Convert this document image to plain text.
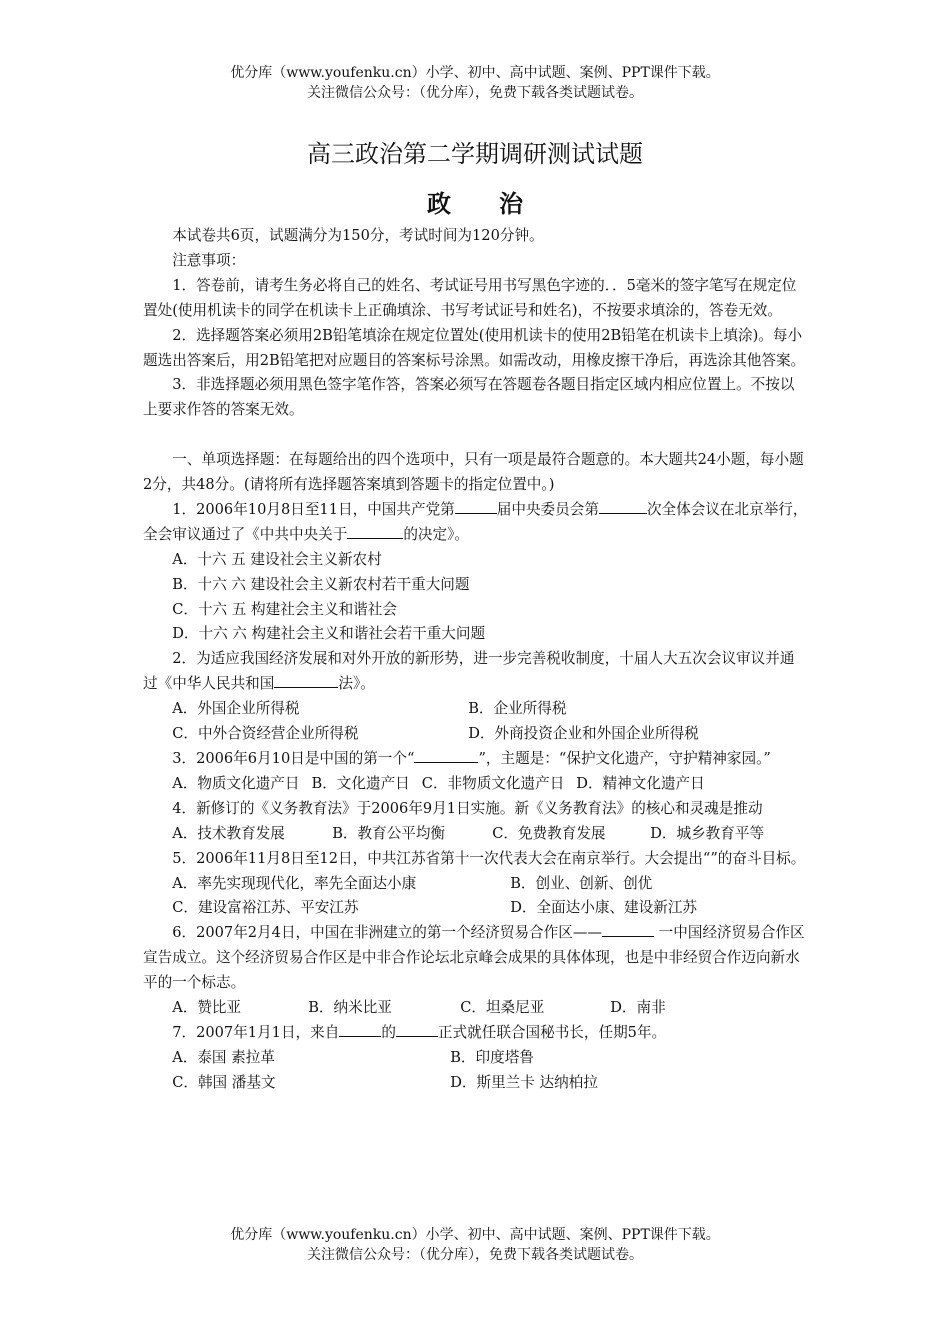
优分库（www.youfenku.cn）小学、初中、高中试题、案例、PPT课件下载。
关注微信公众号：（优分库），免费下载各类试题试卷。
高三政治第二学期调研测试试题
政治

本试卷共6页，试题满分为150分，考试时间为120分钟。

注意事项：

1．答卷前，请考生务必将自己的姓名、考试证号用书写黑色字迹的．．5毫米的签字笔写在规定位置处(使用机读卡的同学在机读卡上正确填涂、书写考试证号和姓名)，不按要求填涂的，答卷无效。

2．选择题答案必须用2B铅笔填涂在规定位置处(使用机读卡的使用2B铅笔在机读卡上填涂)。每小题选出答案后，用2B铅笔把对应题目的答案标号涂黑。如需改动，用橡皮擦干净后，再选涂其他答案。

3．非选择题必须用黑色签字笔作答，答案必须写在答题卷各题目指定区域内相应位置上。不按以上要求作答的答案无效。

一、单项选择题：在每题给出的四个选项中，只有一项是最符合题意的。本大题共24小题，每小题2分，共48分。(请将所有选择题答案填到答题卡的指定位置中。)

1．2006年10月8日至11日，中国共产党第	届中央委员会第	次全体会议在北京举行，全会审议通过了《中共中央关于	的决定》。

A．十六 五 建设社会主义新农村

B．十六 六 建设社会主义新农村若干重大问题

C．十六 五 构建社会主义和谐社会

D．十六 六 构建社会主义和谐社会若干重大问题

2．为适应我国经济发展和对外开放的新形势，进一步完善税收制度，十届人大五次会议审议并通过《中华人民共和国	法》。

A．外国企业所得税	B．企业所得税

C．中外合资经营企业所得税	D．外商投资企业和外国企业所得税

3．2006年6月10日是中国的第一个“	”，主题是：“保护文化遗产，守护精神家园。”

A．物质文化遗产日 B．文化遗产日 C．非物质文化遗产日 D．精神文化遗产日

4．新修订的《义务教育法》于2006年9月1日实施。新《义务教育法》的核心和灵魂是推动

A．技术教育发展	B．教育公平均衡	C．免费教育发展	D．城乡教育平等

5．2006年11月8日至12日，中共江苏省第十一次代表大会在南京举行。大会提出“”的奋斗目标。

A．率先实现现代化，率先全面达小康	B．创业、创新、创优

C．建设富裕江苏、平安江苏	D．全面达小康、建设新江苏

6．2007年2月4日，中国在非洲建立的第一个经济贸易合作区——	一中国经济贸易合作区宣告成立。这个经济贸易合作区是中非合作论坛北京峰会成果的具体体现，也是中非经贸合作迈向新水平的一个标志。

A．赞比亚	B．纳米比亚	C．坦桑尼亚	D．南非

7．2007年1月1日，来自	的	正式就任联合国秘书长，任期5年。

A．泰国 素拉革	B．印度塔鲁

C．韩国 潘基文	D．斯里兰卡 达纳柏拉

优分库（www.youfenku.cn）小学、初中、高中试题、案例、PPT课件下载。
关注微信公众号：（优分库），免费下载各类试题试卷。
